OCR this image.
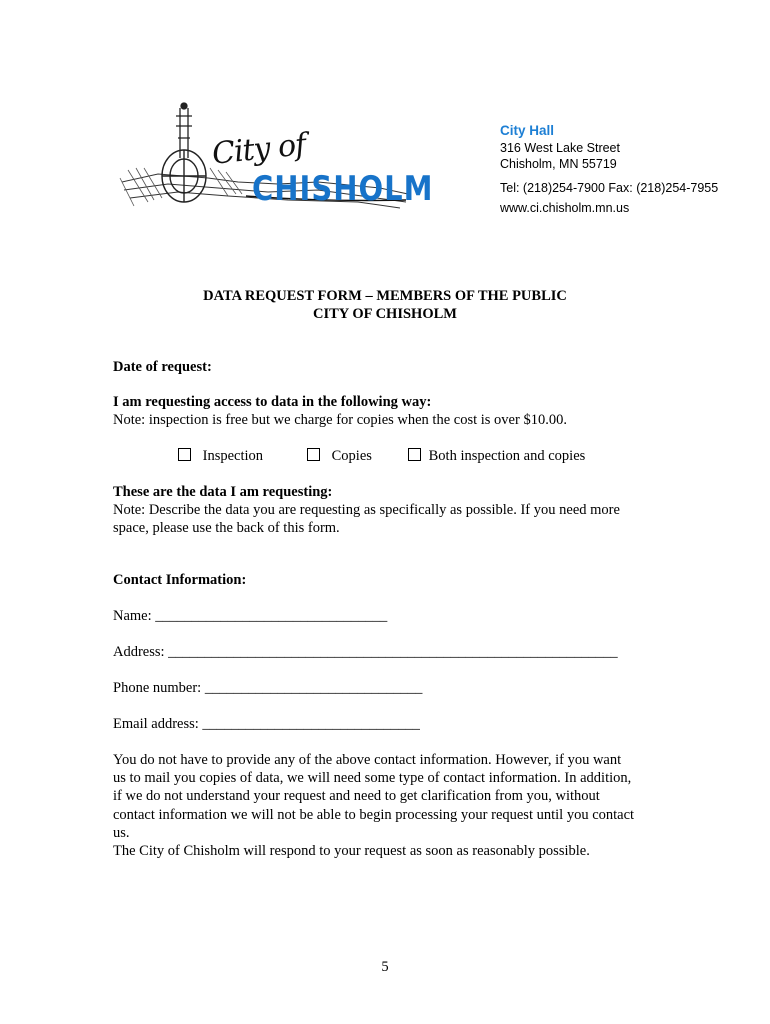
City of
CHISHOLM
City Hall
316 West Lake Street
Chisholm, MN 55719
Tel: (218)254-7900 Fax: (218)254-7955
www.ci.chisholm.mn.us
DATA REQUEST FORM – MEMBERS OF THE PUBLIC
CITY OF CHISHOLM
Date of request:
I am requesting access to data in the following way:
Note: inspection is free but we charge for copies when the cost is over $10.00.
Inspection	Copies	Both inspection and copies
These are the data I am requesting:
Note: Describe the data you are requesting as specifically as possible. If you need more
space, please use the back of this form.
Contact Information:
Name: ________________________________
Address: ______________________________________________________________
Phone number: ______________________________
Email address: ______________________________
You do not have to provide any of the above contact information. However, if you want
us to mail you copies of data, we will need some type of contact information. In addition,
if we do not understand your request and need to get clarification from you, without
contact information we will not be able to begin processing your request until you contact
us.
The City of Chisholm will respond to your request as soon as reasonably possible.
5
